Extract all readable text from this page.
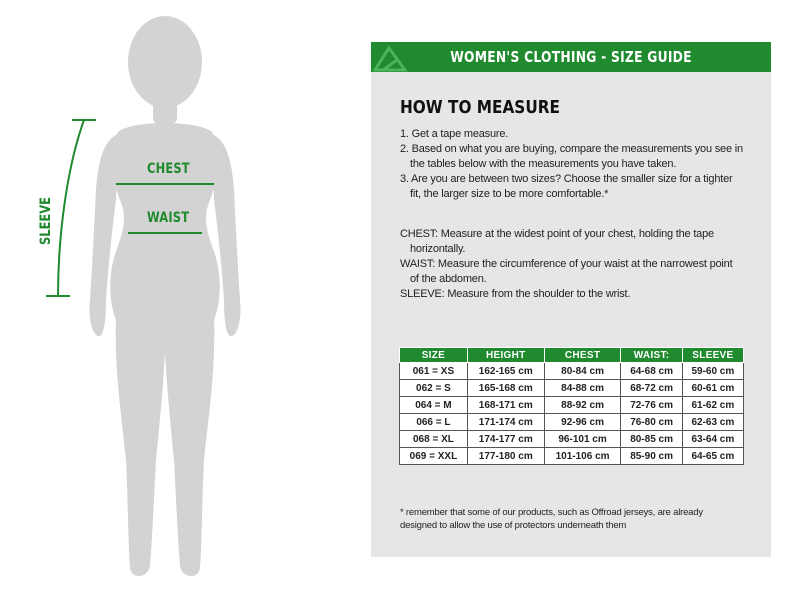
CHEST
WAIST
SLEEVE
WOMEN'S CLOTHING - SIZE GUIDE
HOW TO MEASURE
1. Get a tape measure.
2. Based on what you are buying, compare the measurements you see in
the tables below with the measurements you have taken.
3. Are you are between two sizes? Choose the smaller size for a tighter
fit, the larger size to be more comfortable.*
CHEST: Measure at the widest point of your chest, holding the tape
horizontally.
WAIST: Measure the circumference of your waist at the narrowest point
of the abdomen.
SLEEVE: Measure from the shoulder to the wrist.
SIZE	HEIGHT	CHEST	WAIST:	SLEEVE
061 = XS	162-165 cm	80-84 cm	64-68 cm	59-60 cm
062 = S	165-168 cm	84-88 cm	68-72 cm	60-61 cm
064 = M	168-171 cm	88-92 cm	72-76 cm	61-62 cm
066 = L	171-174 cm	92-96 cm	76-80 cm	62-63 cm
068 = XL	174-177 cm	96-101 cm	80-85 cm	63-64 cm
069 = XXL	177-180 cm	101-106 cm	85-90 cm	64-65 cm
* remember that some of our products, such as Offroad jerseys, are already
designed to allow the use of protectors underneath them
